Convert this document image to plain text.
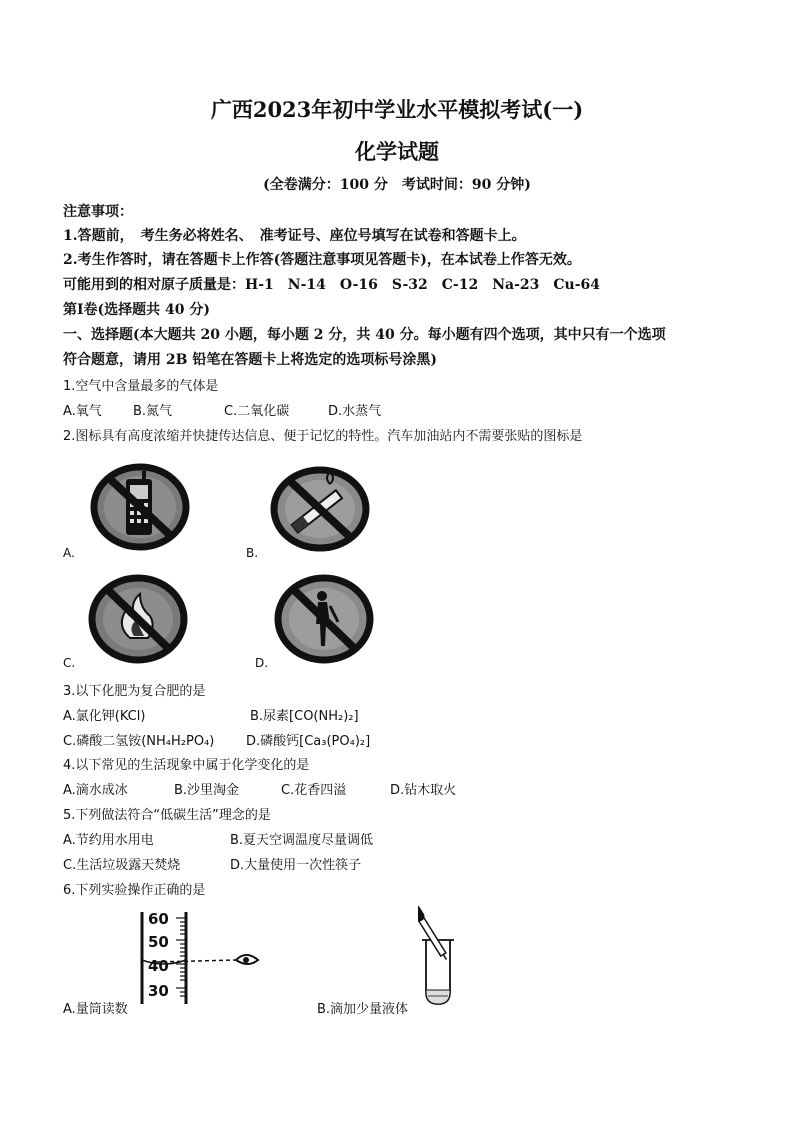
广西2023年初中学业水平模拟考试(一)
化学试题
(全卷满分：100 分　考试时间：90 分钟)
注意事项：
1.答题前，　考生务必将姓名、　准考证号、座位号填写在试卷和答题卡上。
2.考生作答时，请在答题卡上作答(答题注意事项见答题卡)，在本试卷上作答无效。
可能用到的相对原子质量是：H-1　N-14　O-16　S-32　C-12　Na-23　Cu-64
第Ⅰ卷(选择题共 40 分)
一、选择题(本大题共 20 小题，每小题 2 分，共 40 分。每小题有四个选项，其中只有一个选项
符合题意，请用 2B 铅笔在答题卡上将选定的选项标号涂黑)
1.空气中含量最多的气体是
A.氧气 B.氮气	C.二氧化碳	D.水蒸气
2.图标具有高度浓缩并快捷传达信息、便于记忆的特性。汽车加油站内不需要张贴的图标是
A.	B.
C.	D.
3.以下化肥为复合肥的是
A.氯化钾(KCl)	B.尿素[CO(NH₂)₂]
C.磷酸二氢铵(NH₄H₂PO₄) D.磷酸钙[Ca₃(PO₄)₂]
4.以下常见的生活现象中属于化学变化的是
A.滴水成冰	B.沙里淘金	C.花香四溢	D.钻木取火
5.下列做法符合“低碳生活”理念的是
A.节约用水用电	B.夏天空调温度尽量调低
C.生活垃圾露天焚烧	D.大量使用一次性筷子
6.下列实验操作正确的是
60
50
40
30
A.量筒读数	B.滴加少量液体
